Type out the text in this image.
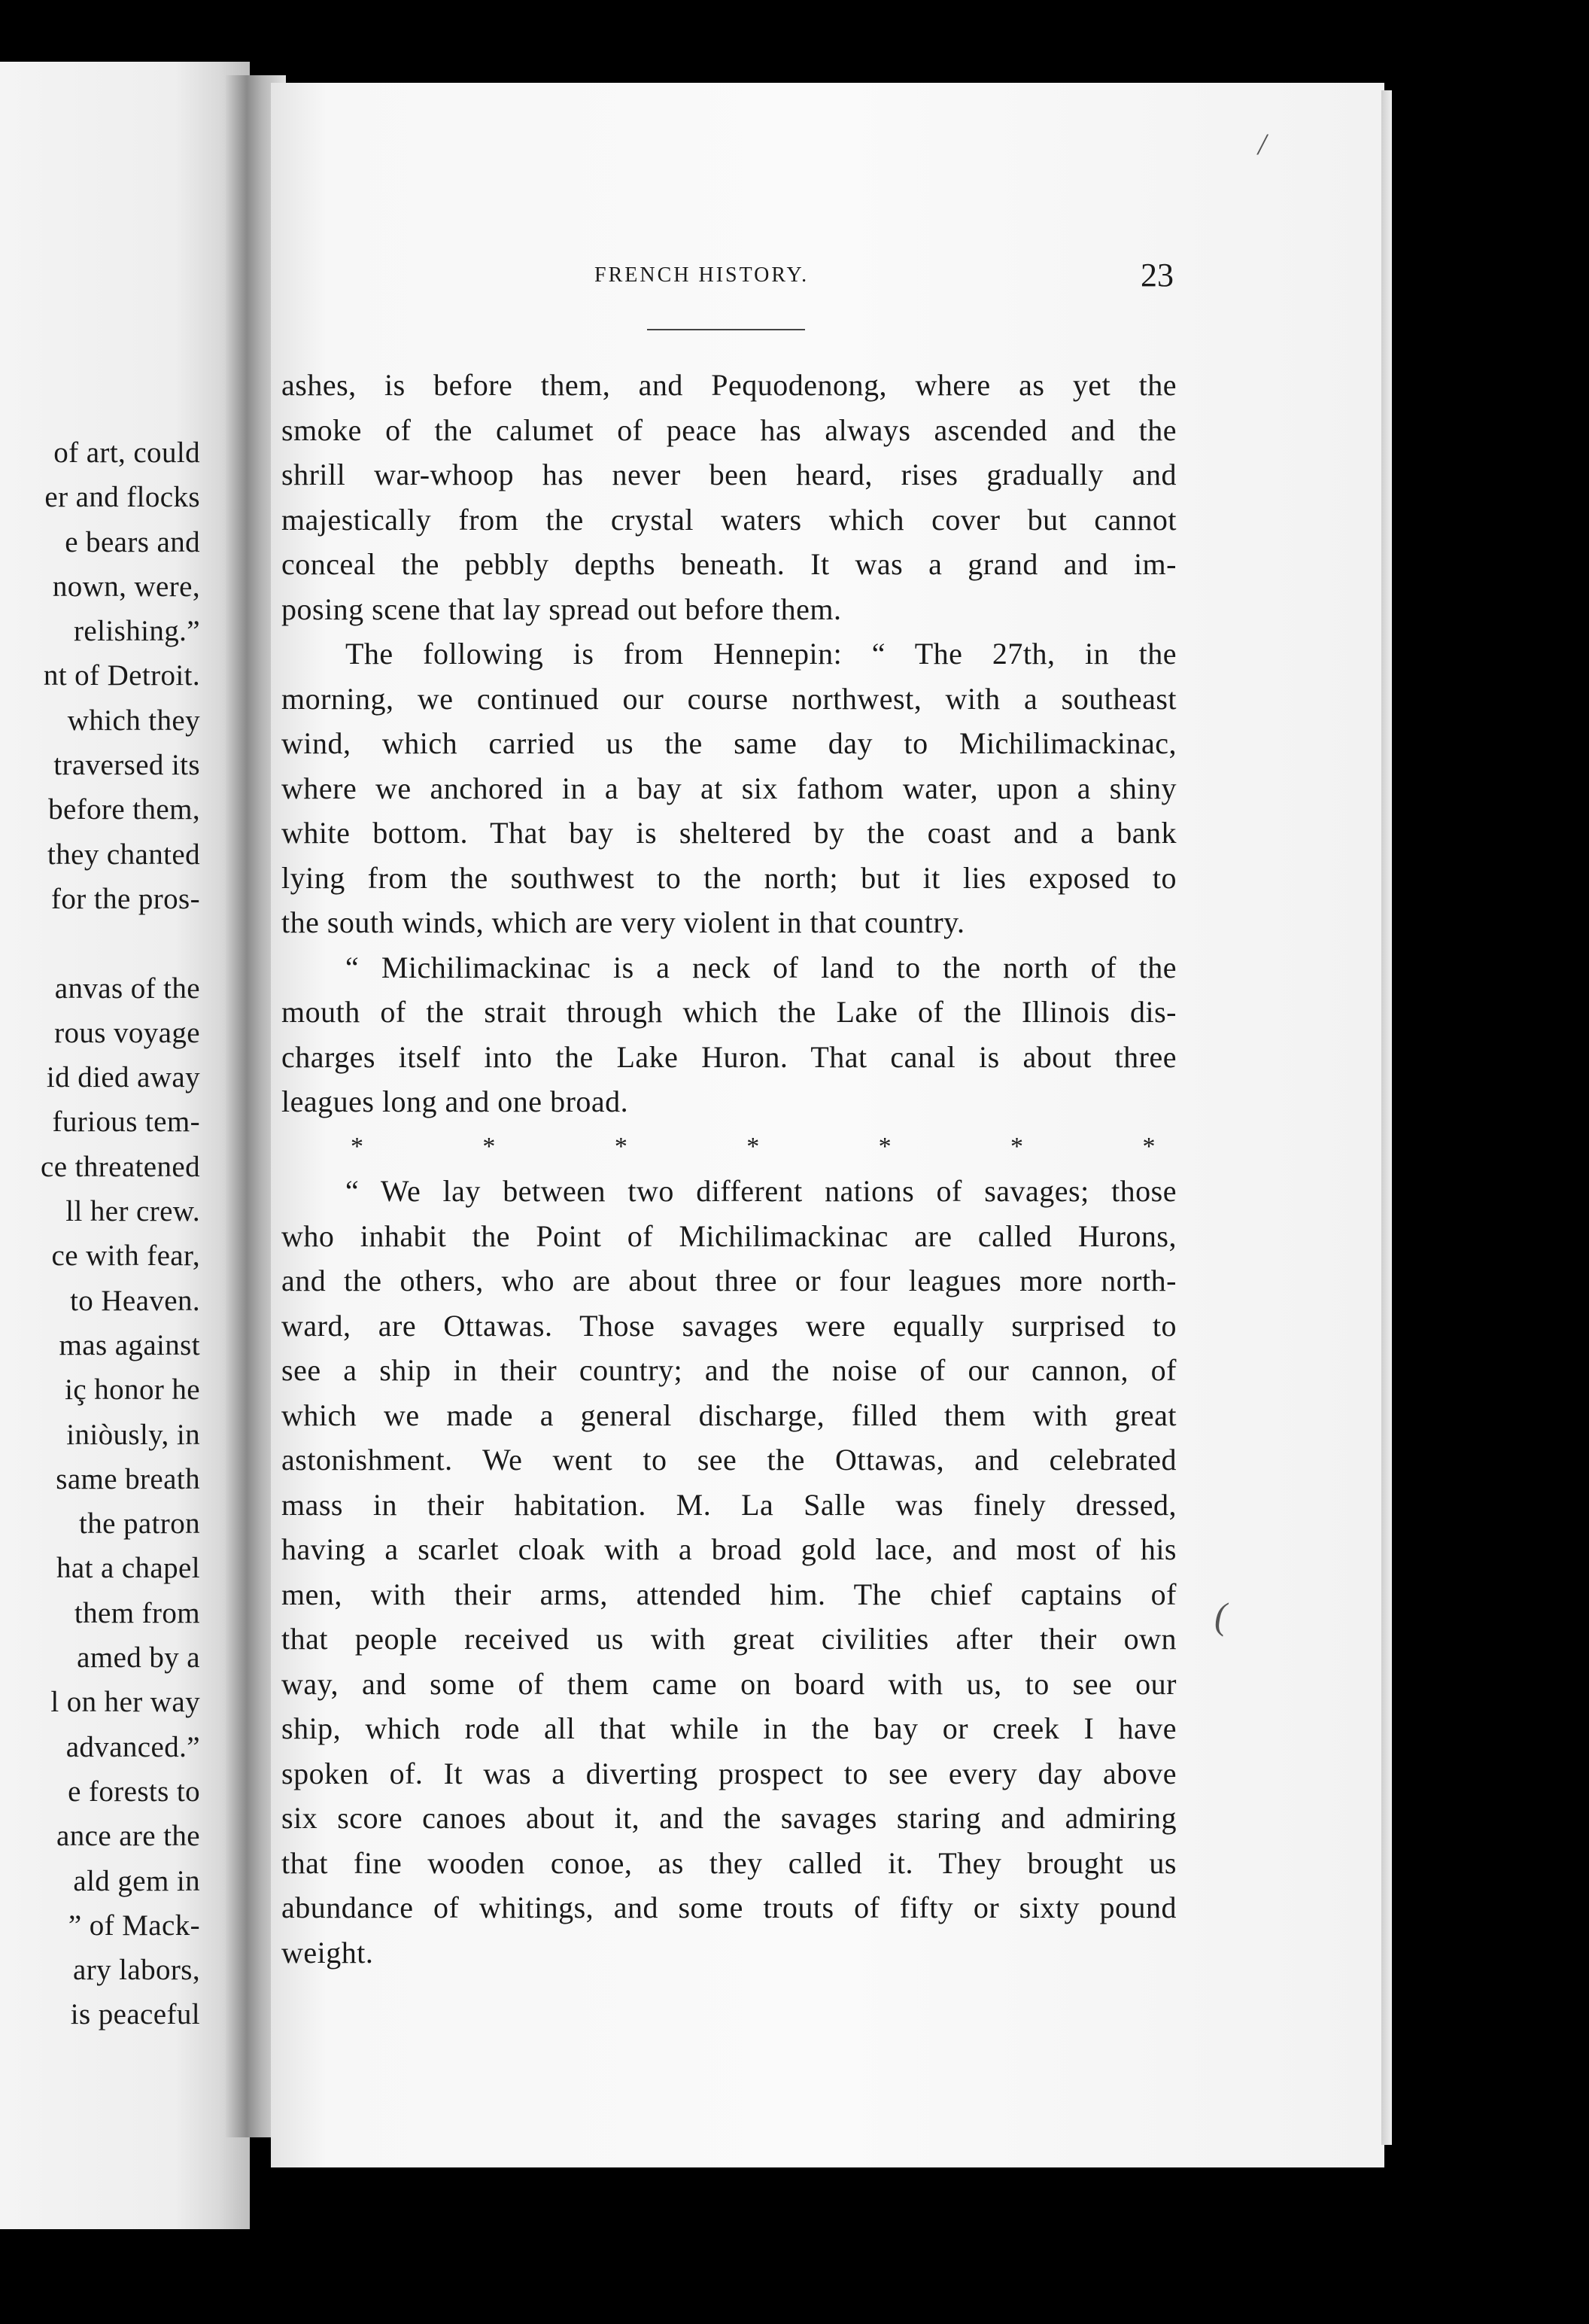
of art, could
er and flocks
e bears and
nown, were,
relishing.”
nt of Detroit.
which they
traversed its
before them,
they chanted
for the pros-
anvas of the
rous voyage
id died away
furious tem-
ce threatened
ll her crew.
ce with fear,
to Heaven.
mas against
iç honor he
iniòusly, in
same breath
the patron
hat a chapel
them from
amed by a
l on her way
advanced.”
e forests to
ance are the
ald gem in
” of Mack-
ary labors,
is peaceful
FRENCH HISTORY.	23
ashes, is before them, and Pequodenong, where as yet the
smoke of the calumet of peace has always ascended and the
shrill war-whoop has never been heard, rises gradually and
majestically from the crystal waters which cover but cannot
conceal the pebbly depths beneath. It was a grand and im-
posing scene that lay spread out before them.
The following is from Hennepin: “ The 27th, in the
morning, we continued our course northwest, with a southeast
wind, which carried us the same day to Michilimackinac,
where we anchored in a bay at six fathom water, upon a shiny
white bottom. That bay is sheltered by the coast and a bank
lying from the southwest to the north; but it lies exposed to
the south winds, which are very violent in that country.
“ Michilimackinac is a neck of land to the north of the
mouth of the strait through which the Lake of the Illinois dis-
charges itself into the Lake Huron. That canal is about three
leagues long and one broad.
*	*	*	*	*	*	*
“ We lay between two different nations of savages; those
who inhabit the Point of Michilimackinac are called Hurons,
and the others, who are about three or four leagues more north-
ward, are Ottawas. Those savages were equally surprised to
see a ship in their country; and the noise of our cannon, of
which we made a general discharge, filled them with great
astonishment. We went to see the Ottawas, and celebrated
mass in their habitation. M. La Salle was finely dressed,
having a scarlet cloak with a broad gold lace, and most of his
men, with their arms, attended him. The chief captains of
that people received us with great civilities after their own
way, and some of them came on board with us, to see our
ship, which rode all that while in the bay or creek I have
spoken of. It was a diverting prospect to see every day above
six score canoes about it, and the savages staring and admiring
that fine wooden conoe, as they called it. They brought us
abundance of whitings, and some trouts of fifty or sixty pound
weight.
/
(
